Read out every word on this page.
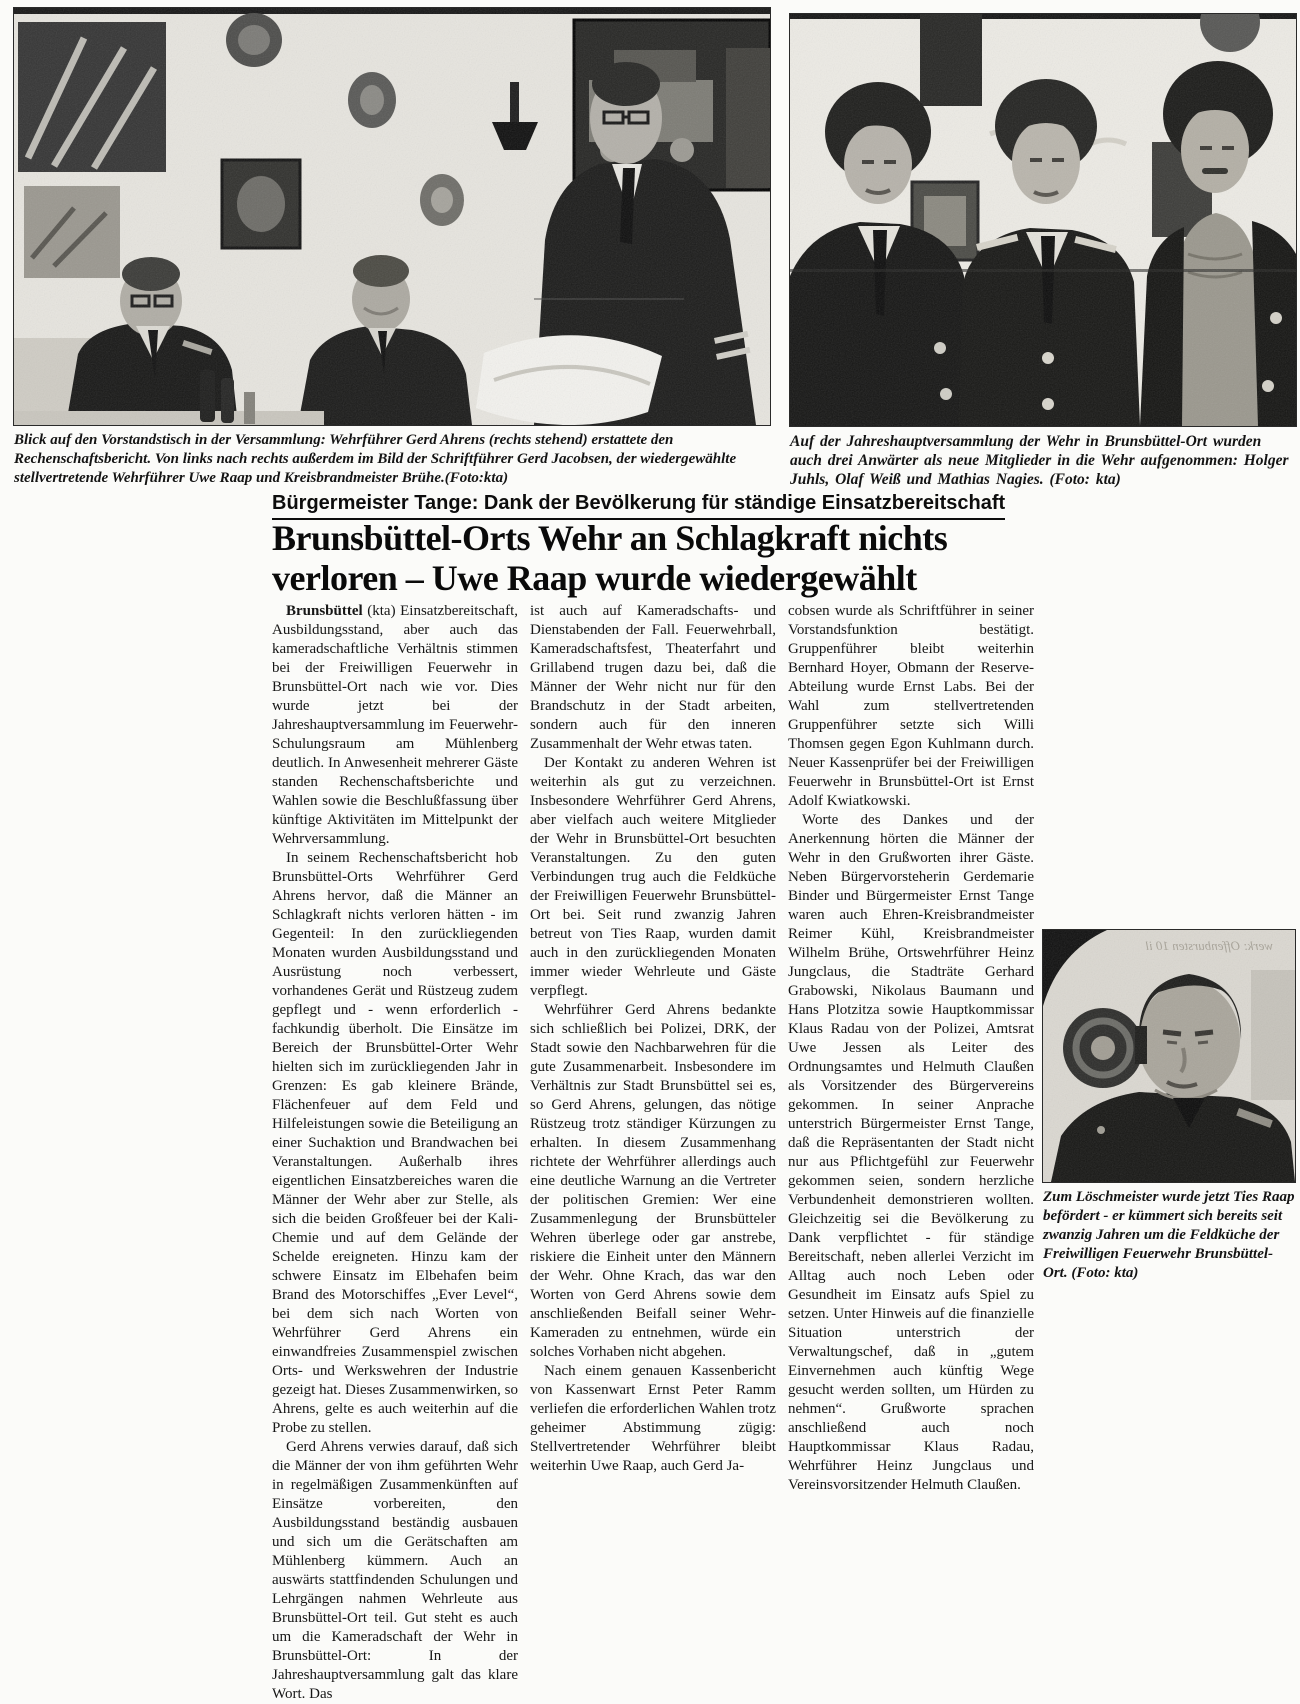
Blick auf den Vorstandstisch in der Versammlung: Wehrführer Gerd Ahrens (rechts stehend) erstattete den Rechenschaftsbericht. Von links nach rechts außerdem im Bild der Schriftführer Gerd Jacobsen, der wiedergewählte stellvertretende Wehrführer Uwe Raap und Kreisbrandmeister Brühe.(Foto:kta)
Auf der Jahreshauptversammlung der Wehr in Brunsbüttel-Ort wurden auch drei Anwärter als neue Mitglieder in die Wehr aufgenommen: Holger Juhls, Olaf Weiß und Mathias Nagies. (Foto: kta)
Bürgermeister Tange: Dank der Bevölkerung für ständige Einsatzbereitschaft
Brunsbüttel-Orts Wehr an Schlagkraft nichts
verloren – Uwe Raap wurde wiedergewählt

Brunsbüttel (kta) Einsatzbereitschaft, Ausbildungsstand, aber auch das kameradschaftliche Verhältnis stimmen bei der Freiwilligen Feuerwehr in Brunsbüttel-Ort nach wie vor. Dies wurde jetzt bei der Jahreshauptversammlung im Feuerwehr-Schulungsraum am Mühlenberg deutlich. In Anwesenheit mehrerer Gäste standen Rechenschaftsberichte und Wahlen sowie die Beschlußfassung über künftige Aktivitäten im Mittelpunkt der Wehrversammlung.

In seinem Rechenschaftsbericht hob Brunsbüttel-Orts Wehrführer Gerd Ahrens hervor, daß die Männer an Schlagkraft nichts verloren hätten - im Gegenteil: In den zurückliegenden Monaten wurden Ausbildungsstand und Ausrüstung noch verbessert, vorhandenes Gerät und Rüstzeug zudem gepflegt und - wenn erforderlich - fachkundig überholt. Die Einsätze im Bereich der Brunsbüttel-Orter Wehr hielten sich im zurückliegenden Jahr in Grenzen: Es gab kleinere Brände, Flächenfeuer auf dem Feld und Hilfeleistungen sowie die Beteiligung an einer Suchaktion und Brandwachen bei Veranstaltungen. Außerhalb ihres eigentlichen Einsatzbereiches waren die Männer der Wehr aber zur Stelle, als sich die beiden Großfeuer bei der Kali-Chemie und auf dem Gelände der Schelde ereigneten. Hinzu kam der schwere Einsatz im Elbehafen beim Brand des Motorschiffes „Ever Level“, bei dem sich nach Worten von Wehrführer Gerd Ahrens ein einwandfreies Zusammenspiel zwischen Orts- und Werkswehren der Industrie gezeigt hat. Dieses Zusammenwirken, so Ahrens, gelte es auch weiterhin auf die Probe zu stellen.

Gerd Ahrens verwies darauf, daß sich die Männer der von ihm geführten Wehr in regelmäßigen Zusammenkünften auf Einsätze vorbereiten, den Ausbildungsstand beständig ausbauen und sich um die Gerätschaften am Mühlenberg kümmern. Auch an auswärts stattfindenden Schulungen und Lehrgängen nahmen Wehrleute aus Brunsbüttel-Ort teil. Gut steht es auch um die Kameradschaft der Wehr in Brunsbüttel-Ort: In der Jahreshauptversammlung galt das klare Wort. Das

ist auch auf Kameradschafts- und Dienstabenden der Fall. Feuerwehrball, Kameradschaftsfest, Theaterfahrt und Grillabend trugen dazu bei, daß die Männer der Wehr nicht nur für den Brandschutz in der Stadt arbeiten, sondern auch für den inneren Zusammenhalt der Wehr etwas taten.

Der Kontakt zu anderen Wehren ist weiterhin als gut zu verzeichnen. Insbesondere Wehrführer Gerd Ahrens, aber vielfach auch weitere Mitglieder der Wehr in Brunsbüttel-Ort besuchten Veranstaltungen. Zu den guten Verbindungen trug auch die Feldküche der Freiwilligen Feuerwehr Brunsbüttel-Ort bei. Seit rund zwanzig Jahren betreut von Ties Raap, wurden damit auch in den zurückliegenden Monaten immer wieder Wehrleute und Gäste verpflegt.

Wehrführer Gerd Ahrens bedankte sich schließlich bei Polizei, DRK, der Stadt sowie den Nachbarwehren für die gute Zusammenarbeit. Insbesondere im Verhältnis zur Stadt Brunsbüttel sei es, so Gerd Ahrens, gelungen, das nötige Rüstzeug trotz ständiger Kürzungen zu erhalten. In diesem Zusammenhang richtete der Wehrführer allerdings auch eine deutliche Warnung an die Vertreter der politischen Gremien: Wer eine Zusammenlegung der Brunsbütteler Wehren überlege oder gar anstrebe, riskiere die Einheit unter den Männern der Wehr. Ohne Krach, das war den Worten von Gerd Ahrens sowie dem anschließenden Beifall seiner Wehr-Kameraden zu entnehmen, würde ein solches Vorhaben nicht abgehen.

Nach einem genauen Kassenbericht von Kassenwart Ernst Peter Ramm verliefen die erforderlichen Wahlen trotz geheimer Abstimmung zügig: Stellvertretender Wehrführer bleibt weiterhin Uwe Raap, auch Gerd Ja-

cobsen wurde als Schriftführer in seiner Vorstandsfunktion bestätigt. Gruppenführer bleibt weiterhin Bernhard Hoyer, Obmann der Reserve-Abteilung wurde Ernst Labs. Bei der Wahl zum stellvertretenden Gruppenführer setzte sich Willi Thomsen gegen Egon Kuhlmann durch. Neuer Kassenprüfer bei der Freiwilligen Feuerwehr in Brunsbüttel-Ort ist Ernst Adolf Kwiatkowski.

Worte des Dankes und der Anerkennung hörten die Männer der Wehr in den Grußworten ihrer Gäste. Neben Bürgervorsteherin Gerdemarie Binder und Bürgermeister Ernst Tange waren auch Ehren-Kreisbrandmeister Reimer Kühl, Kreisbrandmeister Wilhelm Brühe, Ortswehrführer Heinz Jungclaus, die Stadträte Gerhard Grabowski, Nikolaus Baumann und Hans Plotzitza sowie Hauptkommissar Klaus Radau von der Polizei, Amtsrat Uwe Jessen als Leiter des Ordnungsamtes und Helmuth Claußen als Vorsitzender des Bürgervereins gekommen. In seiner Anprache unterstrich Bürgermeister Ernst Tange, daß die Repräsentanten der Stadt nicht nur aus Pflichtgefühl zur Feuerwehr gekommen seien, sondern herzliche Verbundenheit demonstrieren wollten. Gleichzeitig sei die Bevölkerung zu Dank verpflichtet - für ständige Bereitschaft, neben allerlei Verzicht im Alltag auch noch Leben oder Gesundheit im Einsatz aufs Spiel zu setzen. Unter Hinweis auf die finanzielle Situation unterstrich der Verwaltungschef, daß in „gutem Einvernehmen auch künftig Wege gesucht werden sollten, um Hürden zu nehmen“. Grußworte sprachen anschließend auch noch Hauptkommissar Klaus Radau, Wehrführer Heinz Jungclaus und Vereinsvorsitzender Helmuth Claußen.

werk: Offenbursten 10 il
Zum Löschmeister wurde jetzt Ties Raap befördert - er kümmert sich bereits seit zwanzig Jahren um die Feldküche der Freiwilligen Feuerwehr Brunsbüttel-Ort. (Foto: kta)
